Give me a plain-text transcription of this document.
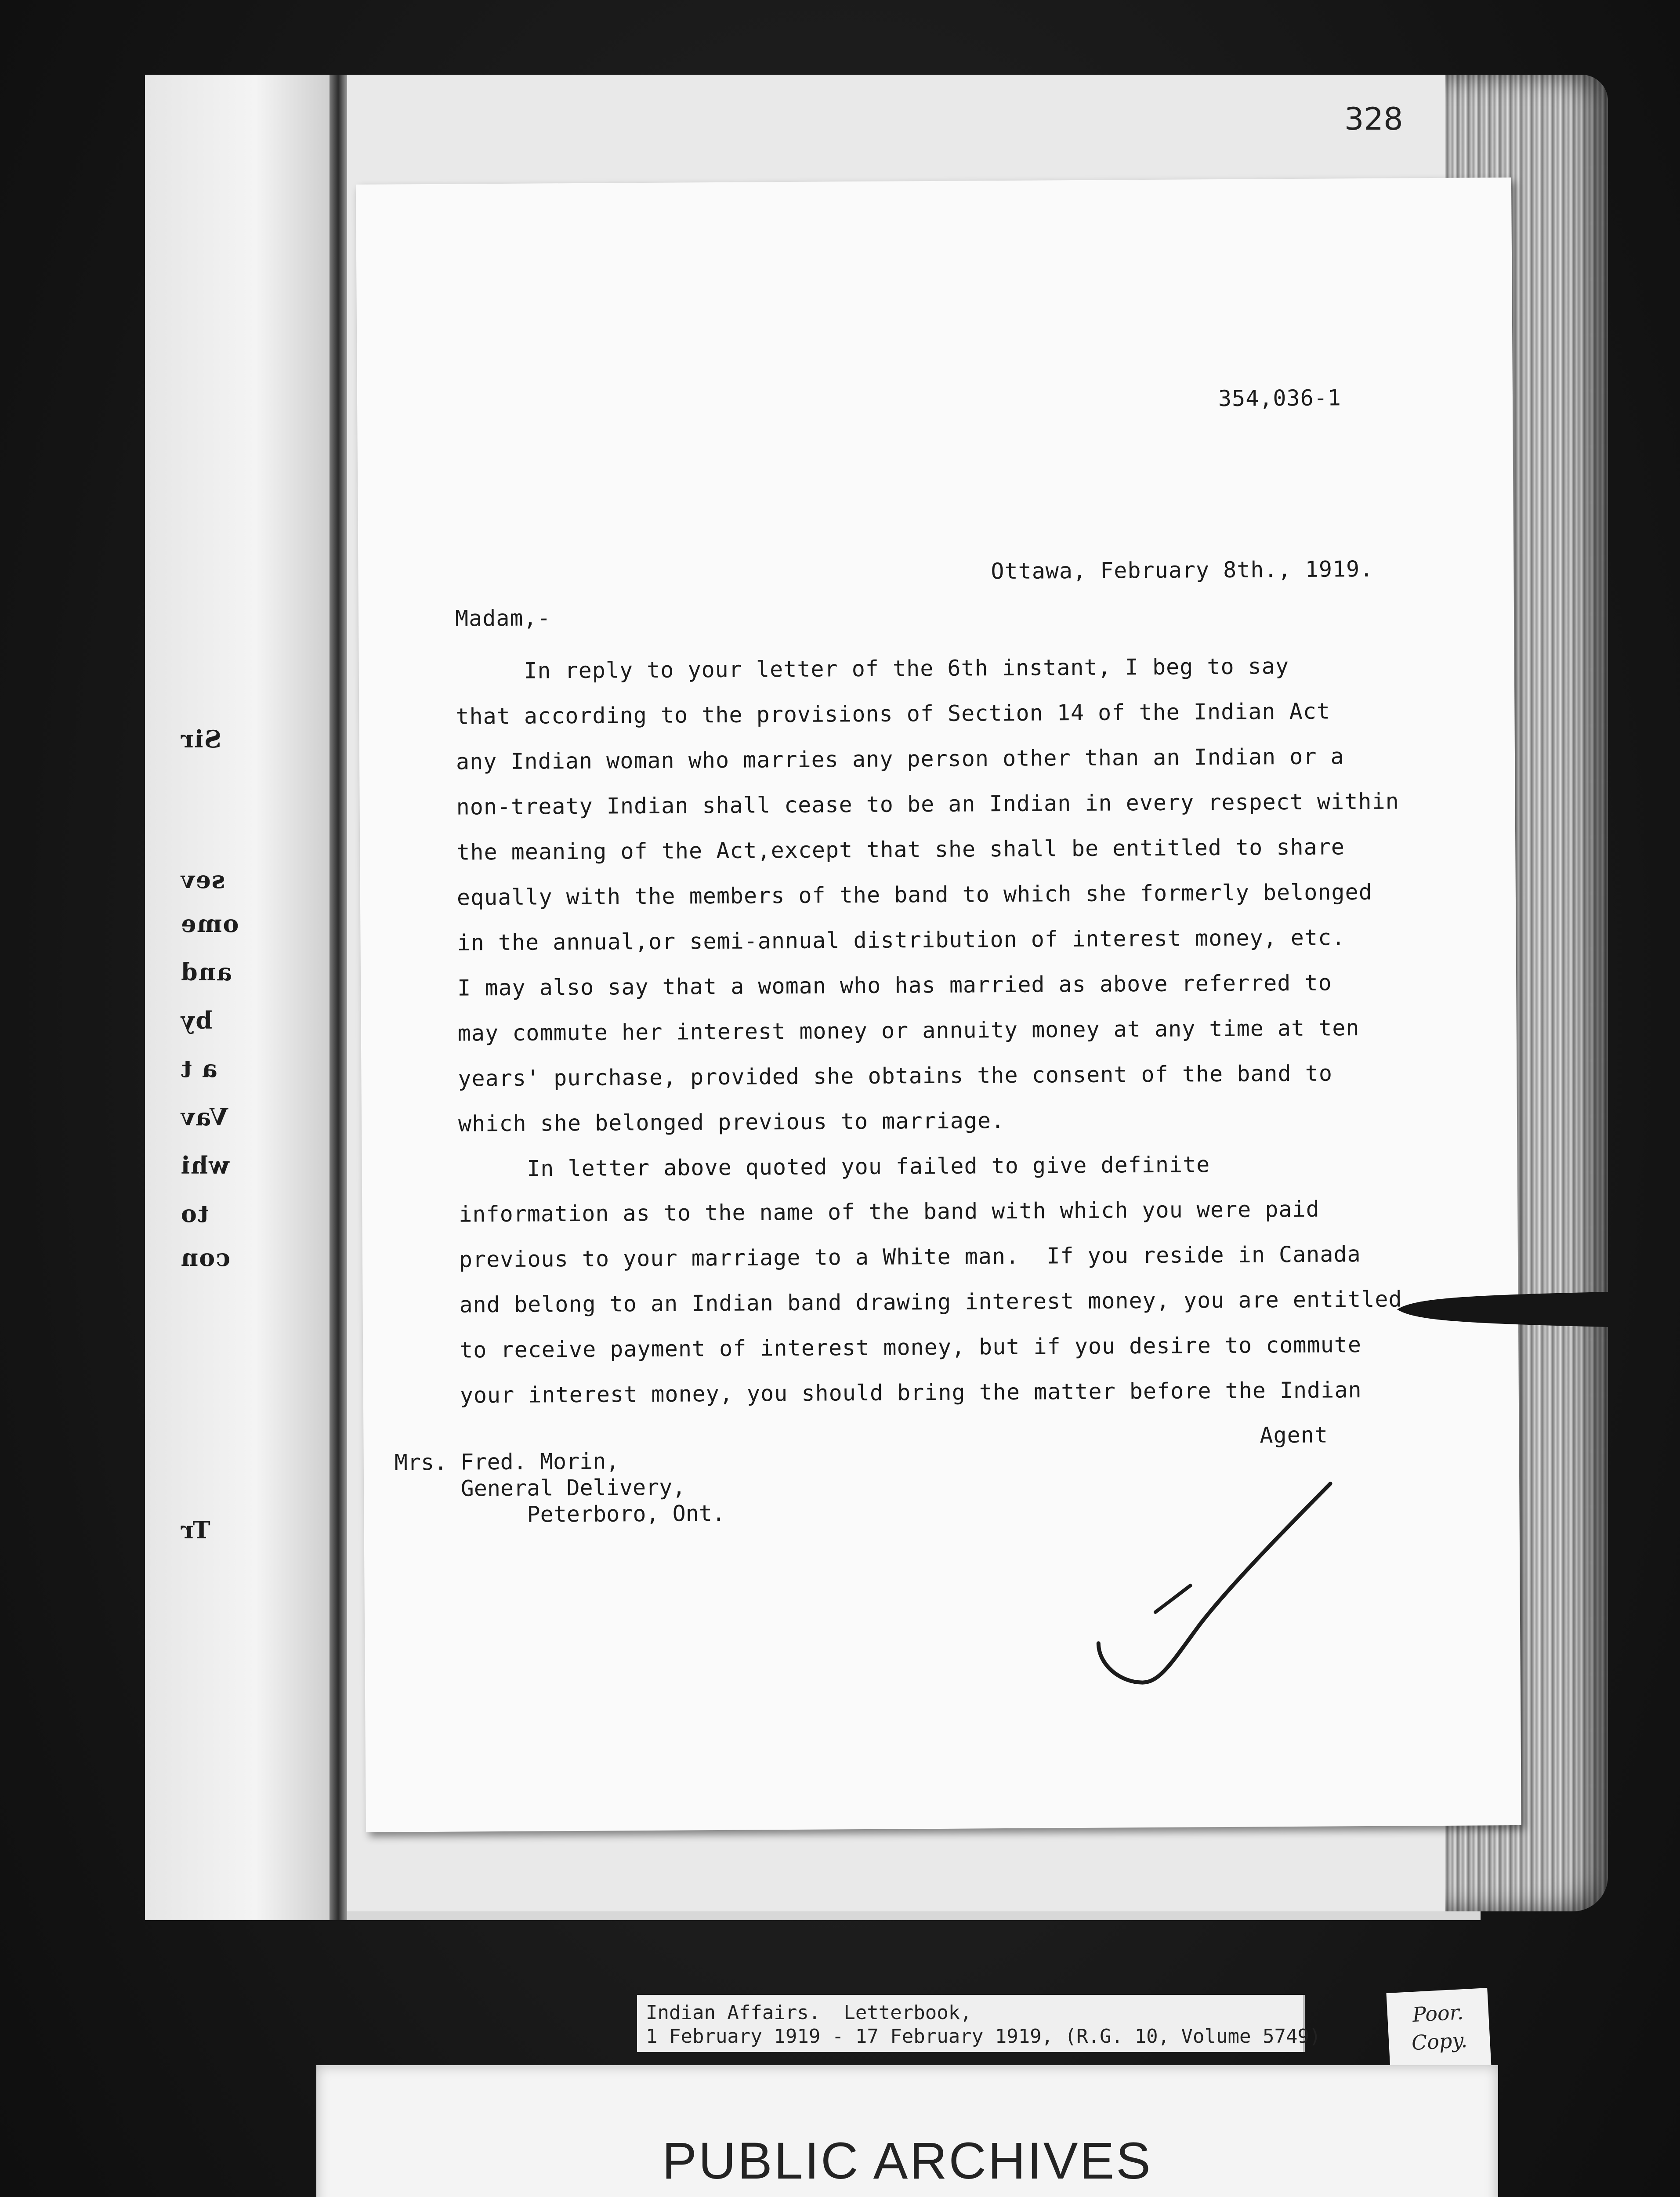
Sir
sev
ome
and
by
a t
Vav
whi
to
con
Tr
328
354,036-1
Ottawa, February 8th., 1919.
Madam,-
In reply to your letter of the 6th instant, I beg to say
that according to the provisions of Section 14 of the Indian Act
any Indian woman who marries any person other than an Indian or a
non-treaty Indian shall cease to be an Indian in every respect within
the meaning of the Act,except that she shall be entitled to share
equally with the members of the band to which she formerly belonged
in the annual,or semi-annual distribution of interest money, etc.
I may also say that a woman who has married as above referred to
may commute her interest money or annuity money at any time at ten
years' purchase, provided she obtains the consent of the band to
which she belonged previous to marriage.
In letter above quoted you failed to give definite
information as to the name of the band with which you were paid
previous to your marriage to a White man.  If you reside in Canada
and belong to an Indian band drawing interest money, you are entitled
to receive payment of interest money, but if you desire to commute
your interest money, you should bring the matter before the Indian
Agent
Mrs. Fred. Morin,
General Delivery,
Peterboro, Ont.
Indian Affairs.  Letterbook,
1 February 1919 - 17 February 1919, (R.G. 10, Volume 5749)
Poor.
Copy.
PUBLIC ARCHIVES
